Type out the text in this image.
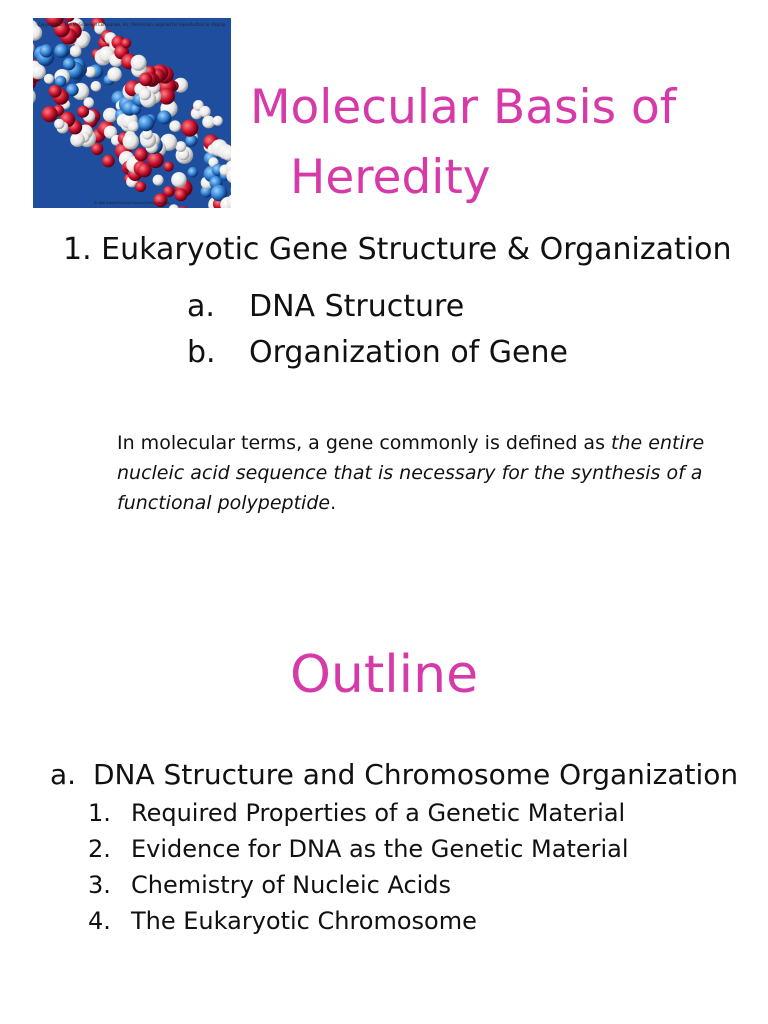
Copyright © The McGraw-Hill Companies, Inc. Permission required for reproduction or display.
© Ken Eward/Science Source/Getty Images
Molecular Basis of
Heredity
1. Eukaryotic Gene Structure & Organization
a. DNA Structure
b. Organization of Gene
In molecular terms, a gene commonly is defined as the entire nucleic acid sequence that is necessary for the synthesis of a functional polypeptide.
Outline
a. DNA Structure and Chromosome Organization
1. Required Properties of a Genetic Material
2. Evidence for DNA as the Genetic Material
3. Chemistry of Nucleic Acids
4. The Eukaryotic Chromosome
